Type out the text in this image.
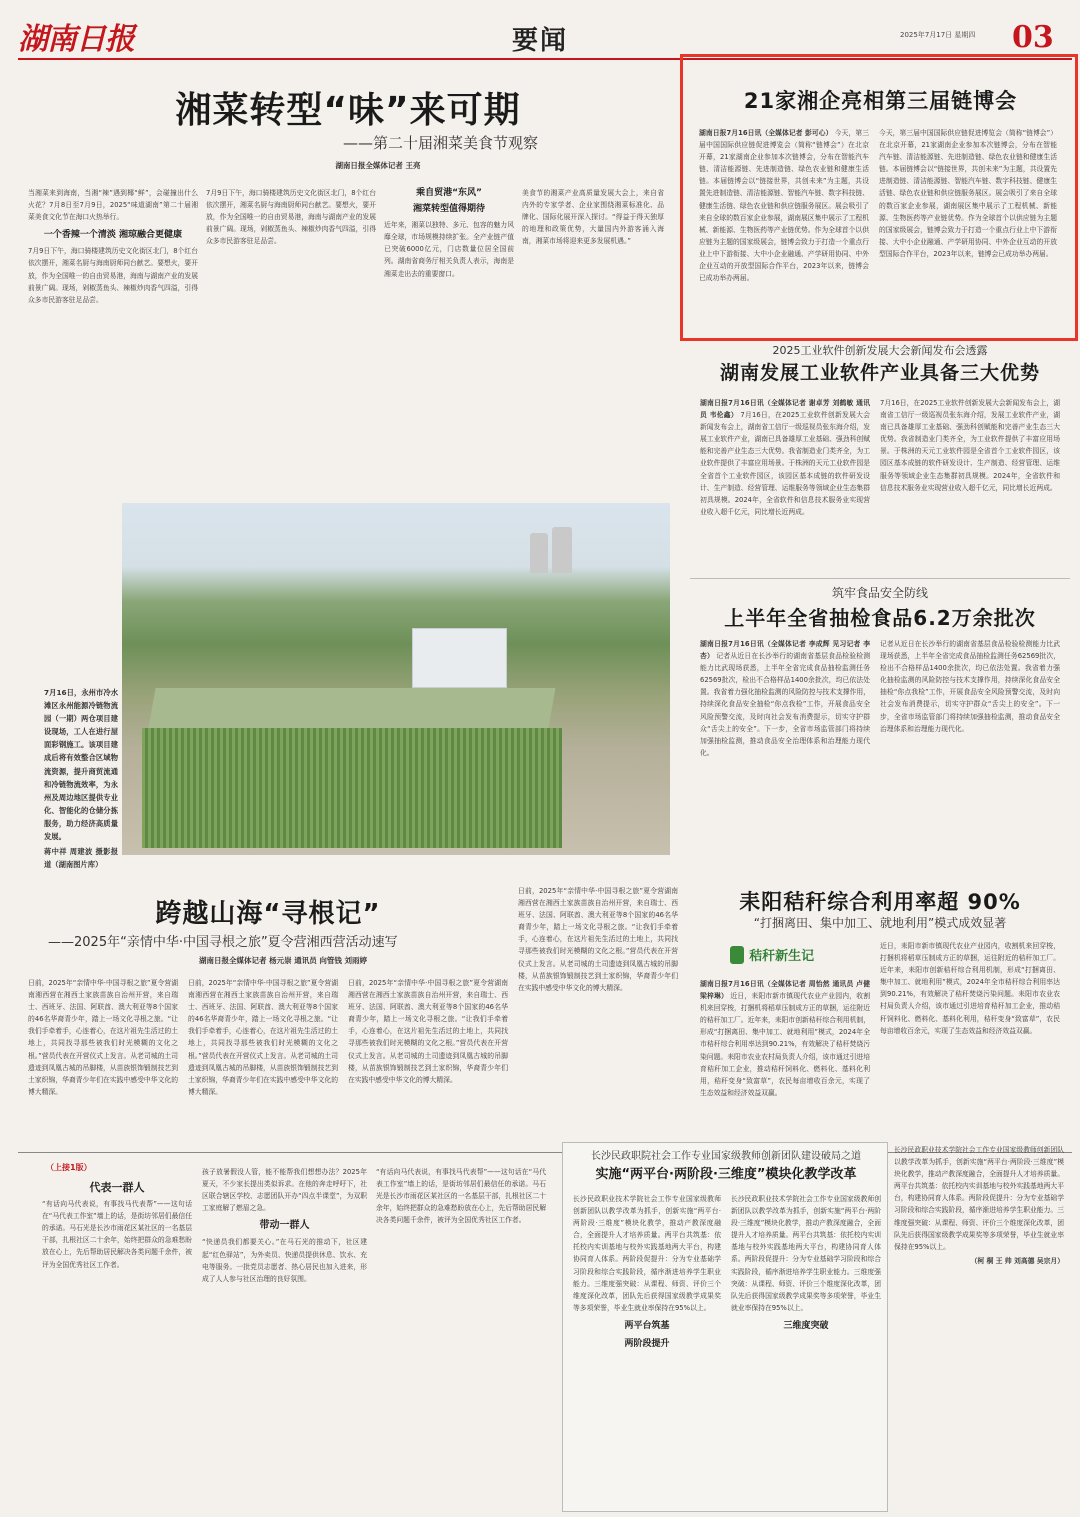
湖南日报	要闻	2025年7月17日 星期四	03
湘菜转型“味”来可期
——第二十届湘菜美食节观察
湖南日报全媒体记者 王亮
当湘菜来到海南，当湘“辣”遇到椰“鲜”，会碰撞出什么火花？7月8日至7月9日，2025“味道湖南”第二十届湘菜美食文化节在海口火热举行。
一个香辣一个清淡 湘琼融合更健康
7月9日下午，海口骑楼建筑历史文化街区北门，8个红台依次摆开，湘菜名厨与海南厨师同台献艺。要想火，要开放，作为全国唯一的自由贸易港，海南与湖南产业的发展前景广阔。现场，剁椒蒸鱼头、辣椒炒肉香气四溢，引得众多市民游客驻足品尝。
7月9日下午，海口骑楼建筑历史文化街区北门，8个红台依次摆开，湘菜名厨与海南厨师同台献艺。要想火，要开放，作为全国唯一的自由贸易港，海南与湖南产业的发展前景广阔。现场，剁椒蒸鱼头、辣椒炒肉香气四溢，引得众多市民游客驻足品尝。
乘自贸港“东风”
湘菜转型值得期待
近年来，湘菜以独特、多元、包容的魅力风靡全球，市场规模持续扩张。全产业链产值已突破6000亿元，门店数量位居全国前列。湖南省商务厅相关负责人表示，海南是湘菜走出去的重要窗口。
美食节的湘菜产业高质量发展大会上，来自省内外的专家学者、企业家围绕湘菜标准化、品牌化、国际化展开深入探讨。“得益于得天独厚的地理和政策优势，大量国内外游客涌入海南，湘菜市场将迎来更多发展机遇。”
21家湘企亮相第三届链博会
湖南日报7月16日讯（全媒体记者 彭可心） 今天，第三届中国国际供应链促进博览会（简称“链博会”）在北京开幕，21家湖南企业参加本次链博会，分布在智能汽车链、清洁能源链、先进制造链、绿色农业链和健康生活链。本届链博会以“链接世界，共创未来”为主题，共设置先进制造链、清洁能源链、智能汽车链、数字科技链、健康生活链、绿色农业链和供应链服务展区。展会吸引了来自全球的数百家企业参展，湖南展区集中展示了工程机械、新能源、生物医药等产业链优势。作为全球首个以供应链为主题的国家级展会，链博会致力于打造一个重点行业上中下游衔接、大中小企业融通、产学研用协同、中外企业互动的开放型国际合作平台，2023年以来，链博会已成功举办两届。
今天，第三届中国国际供应链促进博览会（简称“链博会”）在北京开幕，21家湖南企业参加本次链博会，分布在智能汽车链、清洁能源链、先进制造链、绿色农业链和健康生活链。本届链博会以“链接世界，共创未来”为主题，共设置先进制造链、清洁能源链、智能汽车链、数字科技链、健康生活链、绿色农业链和供应链服务展区。展会吸引了来自全球的数百家企业参展，湖南展区集中展示了工程机械、新能源、生物医药等产业链优势。作为全球首个以供应链为主题的国家级展会，链博会致力于打造一个重点行业上中下游衔接、大中小企业融通、产学研用协同、中外企业互动的开放型国际合作平台，2023年以来，链博会已成功举办两届。
2025工业软件创新发展大会新闻发布会透露
湖南发展工业软件产业具备三大优势
湖南日报7月16日讯（全媒体记者 谢卓芳 刘鹤敏 通讯员 韦伦鑫） 7月16日，在2025工业软件创新发展大会新闻发布会上，湖南省工信厅一级巡视员张东海介绍，发展工业软件产业，湖南已具备雄厚工业基础、强劲科创赋能和完善产业生态三大优势。我省制造业门类齐全，为工业软件提供了丰富应用场景。于株洲的天元工业软件园是全省首个工业软件园区，该园区基本成链的软件研发设计、生产制造、经营管理、运维服务等领域企业生态集群初具规模。2024年，全省软件和信息技术服务业实现营业收入超千亿元，同比增长近两成。
7月16日，在2025工业软件创新发展大会新闻发布会上，湖南省工信厅一级巡视员张东海介绍，发展工业软件产业，湖南已具备雄厚工业基础、强劲科创赋能和完善产业生态三大优势。我省制造业门类齐全，为工业软件提供了丰富应用场景。于株洲的天元工业软件园是全省首个工业软件园区，该园区基本成链的软件研发设计、生产制造、经营管理、运维服务等领域企业生态集群初具规模。2024年，全省软件和信息技术服务业实现营业收入超千亿元，同比增长近两成。
筑牢食品安全防线
上半年全省抽检食品6.2万余批次
湖南日报7月16日讯（全媒体记者 李成辉 见习记者 李杏） 记者从近日在长沙举行的湖南省基层食品检验检测能力比武现场获悉，上半年全省完成食品抽检监测任务62569批次，检出不合格样品1400余批次，均已依法处置。我省着力强化抽检监测的风险防控与技术支撑作用，持续深化食品安全抽检“你点我检”工作，开展食品安全风险预警交流，及时向社会发布消费提示，切实守护群众“舌尖上的安全”。下一步，全省市场监管部门将持续加强抽检监测，推动食品安全治理体系和治理能力现代化。
记者从近日在长沙举行的湖南省基层食品检验检测能力比武现场获悉，上半年全省完成食品抽检监测任务62569批次，检出不合格样品1400余批次，均已依法处置。我省着力强化抽检监测的风险防控与技术支撑作用，持续深化食品安全抽检“你点我检”工作，开展食品安全风险预警交流，及时向社会发布消费提示，切实守护群众“舌尖上的安全”。下一步，全省市场监管部门将持续加强抽检监测，推动食品安全治理体系和治理能力现代化。
7月16日，永州市冷水滩区永州能源冷链物流园（一期）两仓项目建设现场，工人在进行屋面彩钢施工。该项目建成后将有效整合区域物流资源，提升商贸流通和冷链物流效率，为永州及周边地区提供专业化、智能化的仓储分拣服务，助力经济高质量发展。
蒋中祥 周建波 摄影报道（湖南图片库）
跨越山海“寻根记”
——2025年“亲情中华·中国寻根之旅”夏令营湘西营活动速写
湖南日报全媒体记者 杨元崇 通讯员 向管钱 刘雨婷
日前，2025年“亲情中华·中国寻根之旅”夏令营湖南湘西营在湘西土家族苗族自治州开营，来自瑞士、西班牙、法国、阿联酋、澳大利亚等8个国家的46名华裔青少年，踏上一场文化寻根之旅。“让我们手牵着手，心连着心，在这片祖先生活过的土地上，共同找寻那些被我们时光模糊的文化之根。”营员代表在开营仪式上发言。从老司城的土司遗迹到凤凰古城的吊脚楼，从苗族银饰锻制技艺到土家织锦，华裔青少年们在实践中感受中华文化的博大精深。
日前，2025年“亲情中华·中国寻根之旅”夏令营湖南湘西营在湘西土家族苗族自治州开营，来自瑞士、西班牙、法国、阿联酋、澳大利亚等8个国家的46名华裔青少年，踏上一场文化寻根之旅。“让我们手牵着手，心连着心，在这片祖先生活过的土地上，共同找寻那些被我们时光模糊的文化之根。”营员代表在开营仪式上发言。从老司城的土司遗迹到凤凰古城的吊脚楼，从苗族银饰锻制技艺到土家织锦，华裔青少年们在实践中感受中华文化的博大精深。
日前，2025年“亲情中华·中国寻根之旅”夏令营湖南湘西营在湘西土家族苗族自治州开营，来自瑞士、西班牙、法国、阿联酋、澳大利亚等8个国家的46名华裔青少年，踏上一场文化寻根之旅。“让我们手牵着手，心连着心，在这片祖先生活过的土地上，共同找寻那些被我们时光模糊的文化之根。”营员代表在开营仪式上发言。从老司城的土司遗迹到凤凰古城的吊脚楼，从苗族银饰锻制技艺到土家织锦，华裔青少年们在实践中感受中华文化的博大精深。
日前，2025年“亲情中华·中国寻根之旅”夏令营湖南湘西营在湘西土家族苗族自治州开营，来自瑞士、西班牙、法国、阿联酋、澳大利亚等8个国家的46名华裔青少年，踏上一场文化寻根之旅。“让我们手牵着手，心连着心，在这片祖先生活过的土地上，共同找寻那些被我们时光模糊的文化之根。”营员代表在开营仪式上发言。从老司城的土司遗迹到凤凰古城的吊脚楼，从苗族银饰锻制技艺到土家织锦，华裔青少年们在实践中感受中华文化的博大精深。
耒阳秸秆综合利用率超 90%
“打捆离田、集中加工、就地利用”模式成效显著
秸秆新生记
湖南日报7月16日讯（全媒体记者 周怡然 通讯员 卢健 梁梓琳） 近日，耒阳市新市镇现代农业产业园内，收割机来回穿梭，打捆机将稻草压制成方正的草捆，运往附近的秸秆加工厂。近年来，耒阳市创新秸秆综合利用机制，形成“打捆离田、集中加工、就地利用”模式，2024年全市秸秆综合利用率达到90.21%，有效解决了秸秆焚烧污染问题。耒阳市农业农村局负责人介绍，该市通过引进培育秸秆加工企业，推动秸秆饲料化、燃料化、基料化利用，秸秆变身“致富草”，农民每亩增收百余元，实现了生态效益和经济效益双赢。
近日，耒阳市新市镇现代农业产业园内，收割机来回穿梭，打捆机将稻草压制成方正的草捆，运往附近的秸秆加工厂。近年来，耒阳市创新秸秆综合利用机制，形成“打捆离田、集中加工、就地利用”模式，2024年全市秸秆综合利用率达到90.21%，有效解决了秸秆焚烧污染问题。耒阳市农业农村局负责人介绍，该市通过引进培育秸秆加工企业，推动秸秆饲料化、燃料化、基料化利用，秸秆变身“致富草”，农民每亩增收百余元，实现了生态效益和经济效益双赢。
（上接1版）
代表一群人
“有话向马代表说，有事找马代表帮”——这句话在“马代表工作室”墙上的话，是街坊邻居们最信任的承诺。马石光是长沙市雨花区某社区的一名基层干部，扎根社区二十余年，始终把群众的急难愁盼放在心上，先后帮助居民解决各类问题千余件，被评为全国优秀社区工作者。
孩子放暑假没人管，能不能帮我们想想办法？2025年夏天，不少家长提出类似诉求。在他的奔走呼吁下，社区联合辖区学校、志愿团队开办“四点半课堂”，为双职工家庭解了燃眉之急。
带动一群人
“快递员我们都要关心。”在马石光的推动下，社区建起“红色驿站”，为外卖员、快递员提供休息、饮水、充电等服务。一批党员志愿者、热心居民也加入进来，形成了人人参与社区治理的良好氛围。
“有话向马代表说，有事找马代表帮”——这句话在“马代表工作室”墙上的话，是街坊邻居们最信任的承诺。马石光是长沙市雨花区某社区的一名基层干部，扎根社区二十余年，始终把群众的急难愁盼放在心上，先后帮助居民解决各类问题千余件，被评为全国优秀社区工作者。
长沙民政职院社会工作专业国家级教师创新团队建设破局之道
实施“两平台·两阶段·三维度”模块化教学改革
长沙民政职业技术学院社会工作专业国家级教师创新团队以教学改革为抓手，创新实施“两平台·两阶段·三维度”模块化教学，推动产教深度融合，全面提升人才培养质量。两平台共筑基：依托校内实训基地与校外实践基地两大平台，构建协同育人体系。两阶段促提升：分为专业基础学习阶段和综合实践阶段，循序渐进培养学生职业能力。三维度强突破：从课程、师资、评价三个维度深化改革，团队先后获得国家级教学成果奖等多项荣誉，毕业生就业率保持在95%以上。
两平台筑基
两阶段提升
长沙民政职业技术学院社会工作专业国家级教师创新团队以教学改革为抓手，创新实施“两平台·两阶段·三维度”模块化教学，推动产教深度融合，全面提升人才培养质量。两平台共筑基：依托校内实训基地与校外实践基地两大平台，构建协同育人体系。两阶段促提升：分为专业基础学习阶段和综合实践阶段，循序渐进培养学生职业能力。三维度强突破：从课程、师资、评价三个维度深化改革，团队先后获得国家级教学成果奖等多项荣誉，毕业生就业率保持在95%以上。
三维度突破
长沙民政职业技术学院社会工作专业国家级教师创新团队以教学改革为抓手，创新实施“两平台·两阶段·三维度”模块化教学，推动产教深度融合，全面提升人才培养质量。两平台共筑基：依托校内实训基地与校外实践基地两大平台，构建协同育人体系。两阶段促提升：分为专业基础学习阶段和综合实践阶段，循序渐进培养学生职业能力。三维度强突破：从课程、师资、评价三个维度深化改革，团队先后获得国家级教学成果奖等多项荣誉，毕业生就业率保持在95%以上。
（柯 桐 王 帅 刘高德 吴宗月）
